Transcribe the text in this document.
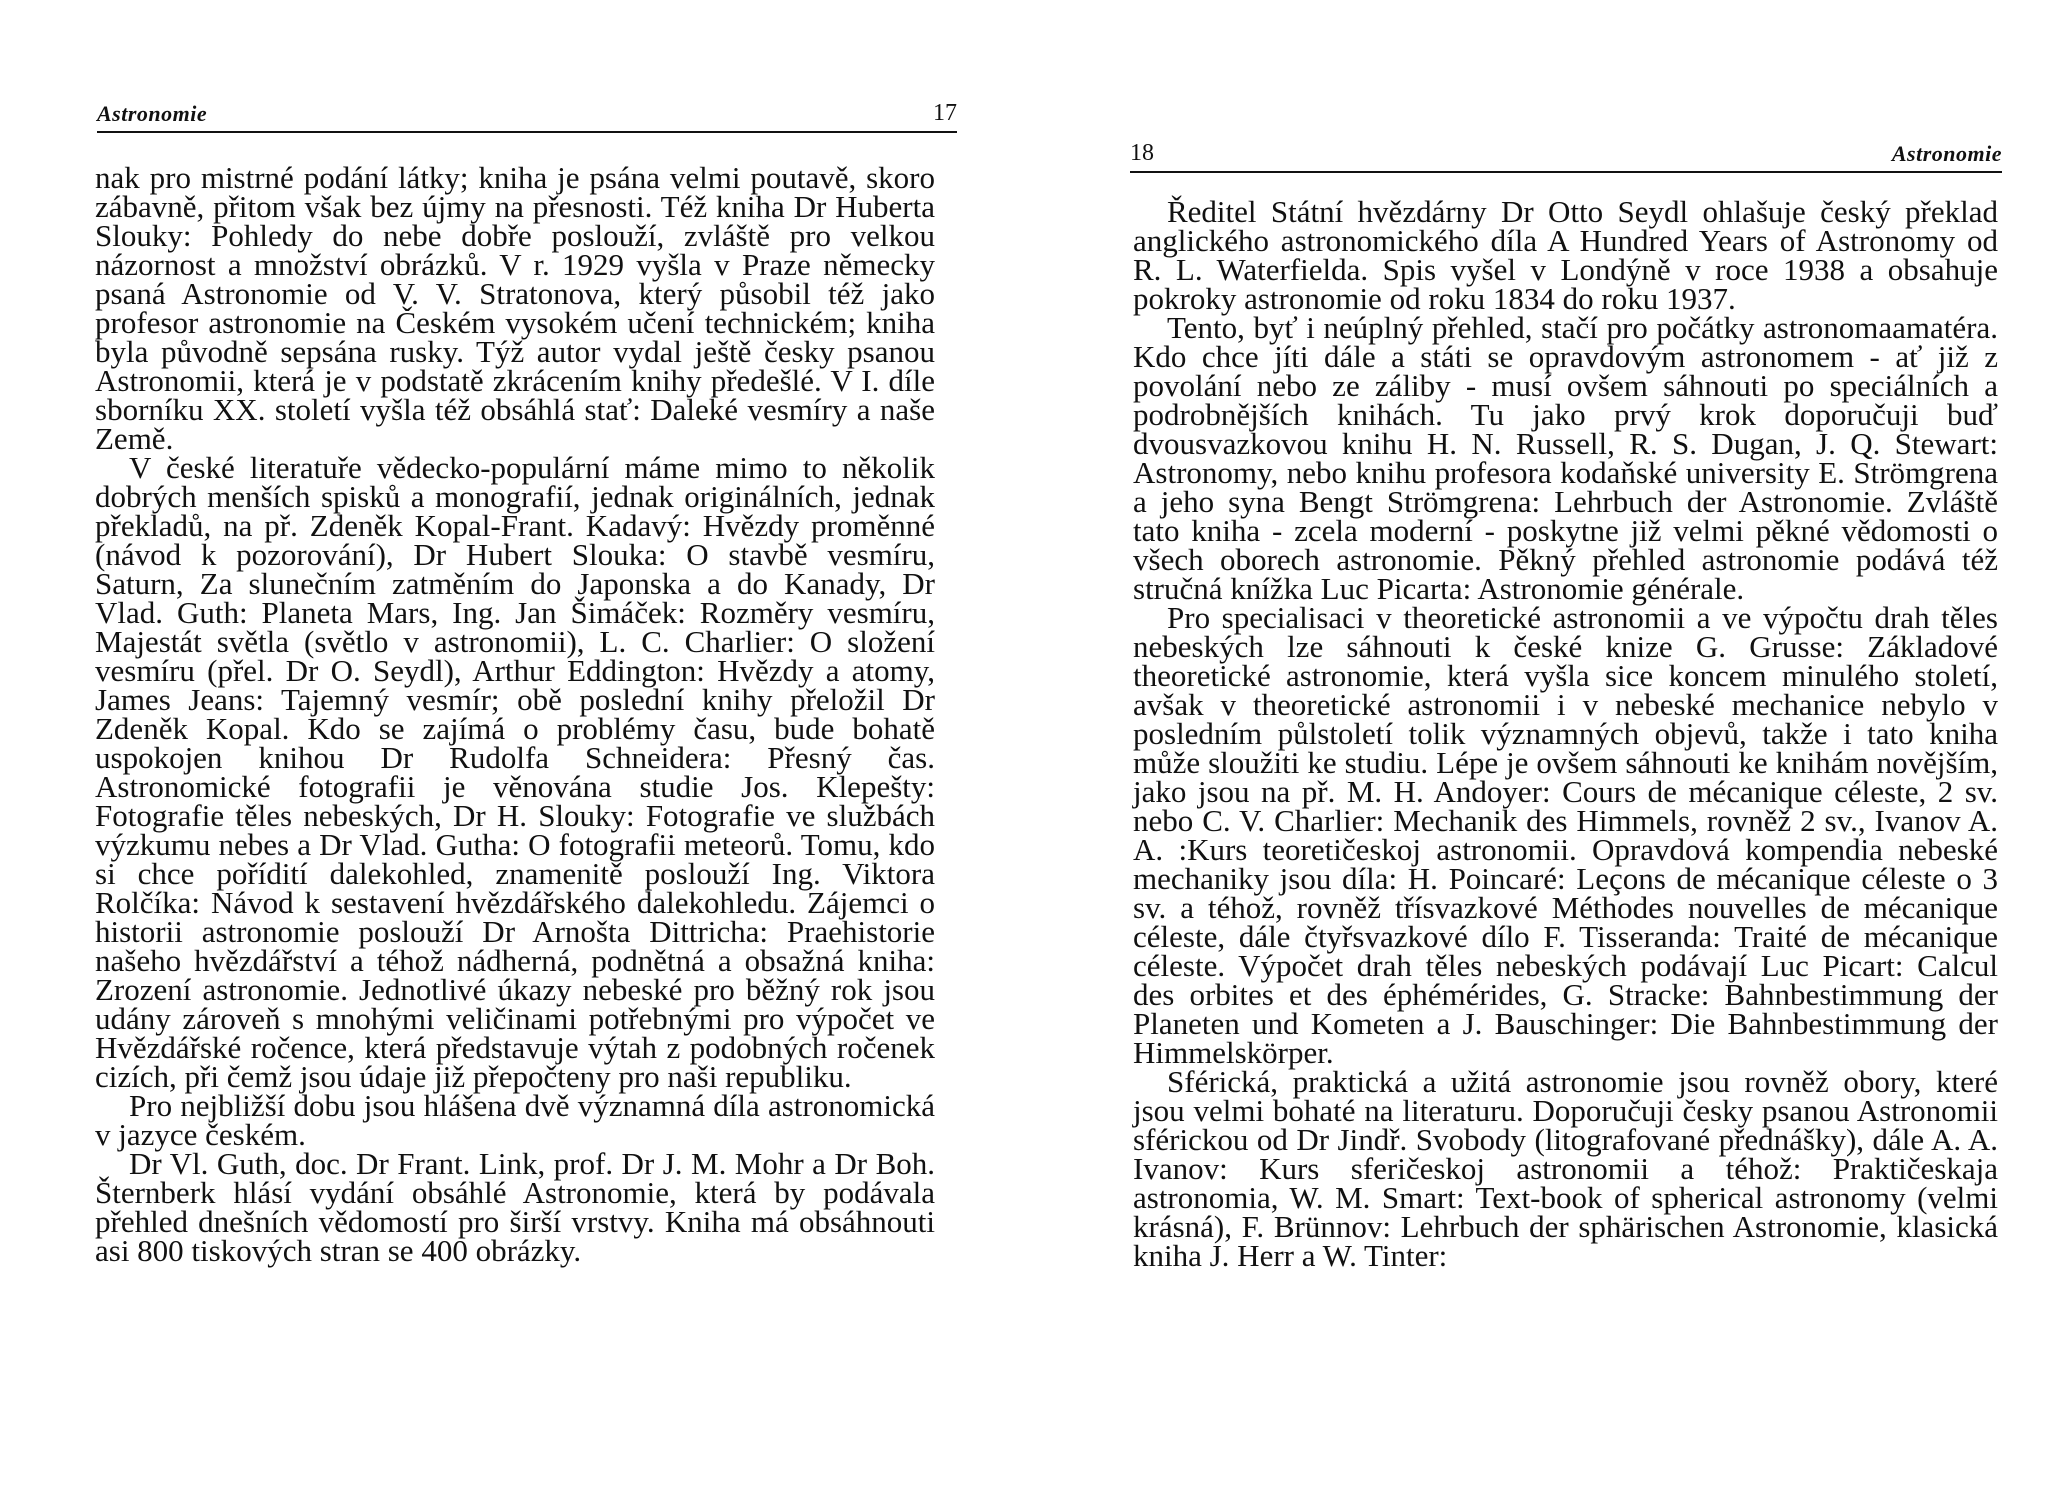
Astronomie	17

nak pro mistrné podání látky; kniha je psána velmi poutavě, skoro zábavně, přitom však bez újmy na přesnosti. Též kniha Dr Huberta Slouky: Pohledy do nebe dobře poslouží, zvláště pro velkou názornost a množství obrázků. V r. 1929 vyšla v Praze německy psaná Astronomie od V. V. Stratonova, který působil též jako profesor astronomie na Českém vysokém učení technickém; kniha byla původně sepsána rusky. Týž autor vydal ještě česky psanou Astronomii, která je v podstatě zkrácením knihy předešlé. V I. díle sborníku XX. století vyšla též obsáhlá stať: Daleké vesmíry a naše Země.

V české literatuře vědecko-populární máme mimo to několik dobrých menších spisků a monografií, jednak originálních, jednak překladů, na př. Zdeněk Kopal-Frant. Kadavý: Hvězdy proměnné (návod k pozorování), Dr Hubert Slouka: O stavbě vesmíru, Saturn, Za slunečním zatměním do Japonska a do Kanady, Dr Vlad. Guth: Planeta Mars, Ing. Jan Šimáček: Rozměry vesmíru, Majestát světla (světlo v astronomii), L. C. Charlier: O složení vesmíru (přel. Dr O. Seydl), Arthur Eddington: Hvězdy a atomy, James Jeans: Tajemný vesmír; obě poslední knihy přeložil Dr Zdeněk Kopal. Kdo se zajímá o problémy času, bude bohatě uspokojen knihou Dr Rudolfa Schneidera: Přesný čas. Astronomické fotografii je věnována studie Jos. Klepešty: Fotografie těles nebeských, Dr H. Slouky: Fotografie ve službách výzkumu nebes a Dr Vlad. Gutha: O fotografii meteorů. Tomu, kdo si chce pořídití dalekohled, znamenitě poslouží Ing. Viktora Rolčíka: Návod k sestavení hvězdářského dalekohledu. Zájemci o historii astronomie poslouží Dr Arnošta Dittricha: Praehistorie našeho hvězdářství a téhož nádherná, podnětná a obsažná kniha: Zrození astronomie. Jednotlivé úkazy nebeské pro běžný rok jsou udány zároveň s mnohými veličinami potřebnými pro výpočet ve Hvězdářské ročence, která představuje výtah z podobných ročenek cizích, při čemž jsou údaje již přepočteny pro naši republiku.

Pro nejbližší dobu jsou hlášena dvě významná díla astronomická v jazyce českém.

Dr Vl. Guth, doc. Dr Frant. Link, prof. Dr J. M. Mohr a Dr Boh. Šternberk hlásí vydání obsáhlé Astronomie, která by podávala přehled dnešních vědomostí pro širší vrstvy. Kniha má obsáhnouti asi 800 tiskových stran se 400 obrázky.

18	Astronomie

Ředitel Státní hvězdárny Dr Otto Seydl ohlašuje český překlad anglického astronomického díla A Hundred Years of Astronomy od R. L. Waterfielda. Spis vyšel v Londýně v roce 1938 a obsahuje pokroky astronomie od roku 1834 do roku 1937.

Tento, byť i neúplný přehled, stačí pro počátky astronomaamatéra. Kdo chce jíti dále a státi se opravdovým astronomem - ať již z povolání nebo ze záliby - musí ovšem sáhnouti po speciálních a podrobnějších knihách. Tu jako prvý krok doporučuji buď dvousvazkovou knihu H. N. Russell, R. S. Dugan, J. Q. Stewart: Astronomy, nebo knihu profesora kodaňské university E. Strömgrena a jeho syna Bengt Strömgrena: Lehrbuch der Astronomie. Zvláště tato kniha - zcela moderní - poskytne již velmi pěkné vědomosti o všech oborech astronomie. Pěkný přehled astronomie podává též stručná knížka Luc Picarta: Astronomie générale.

Pro specialisaci v theoretické astronomii a ve výpočtu drah těles nebeských lze sáhnouti k české knize G. Grusse: Základové theoretické astronomie, která vyšla sice koncem minulého století, avšak v theoretické astronomii i v nebeské mechanice nebylo v posledním půlstoletí tolik významných objevů, takže i tato kniha může sloužiti ke studiu. Lépe je ovšem sáhnouti ke knihám novějším, jako jsou na př. M. H. Andoyer: Cours de mécanique céleste, 2 sv. nebo C. V. Charlier: Mechanik des Himmels, rovněž 2 sv., Ivanov A. A. :Kurs teoretičeskoj astronomii. Opravdová kompendia nebeské mechaniky jsou díla: H. Poincaré: Leçons de mécanique céleste o 3 sv. a téhož, rovněž třísvazkové Méthodes nouvelles de mécanique céleste, dále čtyřsvazkové dílo F. Tisseranda: Traité de mécanique céleste. Výpočet drah těles nebeských podávají Luc Picart: Calcul des orbites et des éphémérides, G. Stracke: Bahnbestimmung der Planeten und Kometen a J. Bauschinger: Die Bahnbestimmung der Himmelskörper.

Sférická, praktická a užitá astronomie jsou rovněž obory, které jsou velmi bohaté na literaturu. Doporučuji česky psanou Astronomii sférickou od Dr Jindř. Svobody (litografované přednášky), dále A. A. Ivanov: Kurs sferičeskoj astronomii a téhož: Praktičeskaja astronomia, W. M. Smart: Text-book of spherical astronomy (velmi krásná), F. Brünnov: Lehrbuch der sphärischen Astronomie, klasická kniha J. Herr a W. Tinter:
